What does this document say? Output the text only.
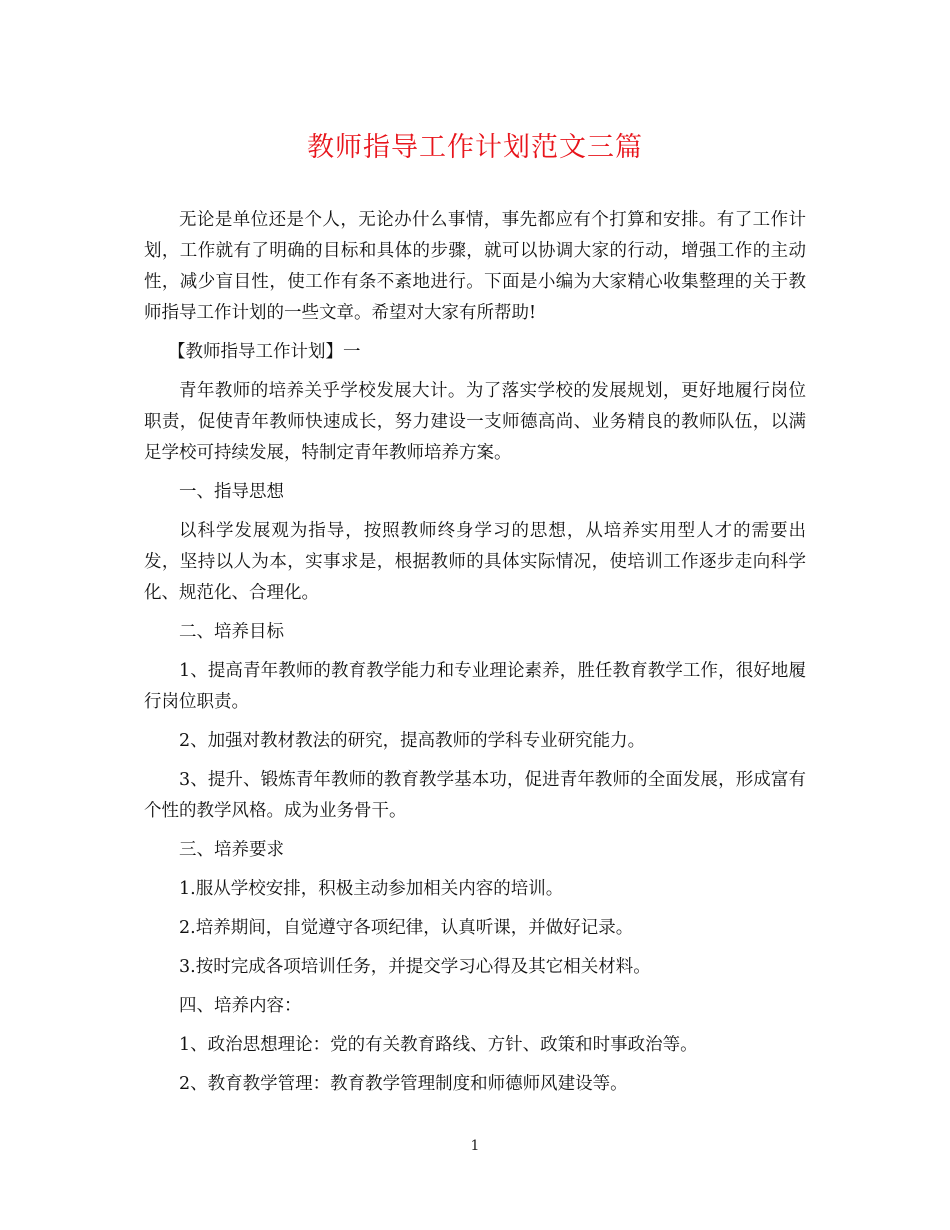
教师指导工作计划范文三篇

无论是单位还是个人，无论办什么事情，事先都应有个打算和安排。有了工作计划，工作就有了明确的目标和具体的步骤，就可以协调大家的行动，增强工作的主动性，减少盲目性，使工作有条不紊地进行。下面是小编为大家精心收集整理的关于教师指导工作计划的一些文章。希望对大家有所帮助!

【教师指导工作计划】一

青年教师的培养关乎学校发展大计。为了落实学校的发展规划，更好地履行岗位职责，促使青年教师快速成长，努力建设一支师德高尚、业务精良的教师队伍，以满足学校可持续发展，特制定青年教师培养方案。

一、指导思想

以科学发展观为指导，按照教师终身学习的思想，从培养实用型人才的需要出发，坚持以人为本，实事求是，根据教师的具体实际情况，使培训工作逐步走向科学化、规范化、合理化。

二、培养目标

1、提高青年教师的教育教学能力和专业理论素养，胜任教育教学工作，很好地履行岗位职责。

2、加强对教材教法的研究，提高教师的学科专业研究能力。

3、提升、锻炼青年教师的教育教学基本功，促进青年教师的全面发展，形成富有个性的教学风格。成为业务骨干。

三、培养要求

1.服从学校安排，积极主动参加相关内容的培训。

2.培养期间，自觉遵守各项纪律，认真听课，并做好记录。

3.按时完成各项培训任务，并提交学习心得及其它相关材料。

四、培养内容：

1、政治思想理论：党的有关教育路线、方针、政策和时事政治等。

2、教育教学管理：教育教学管理制度和师德师风建设等。

1
